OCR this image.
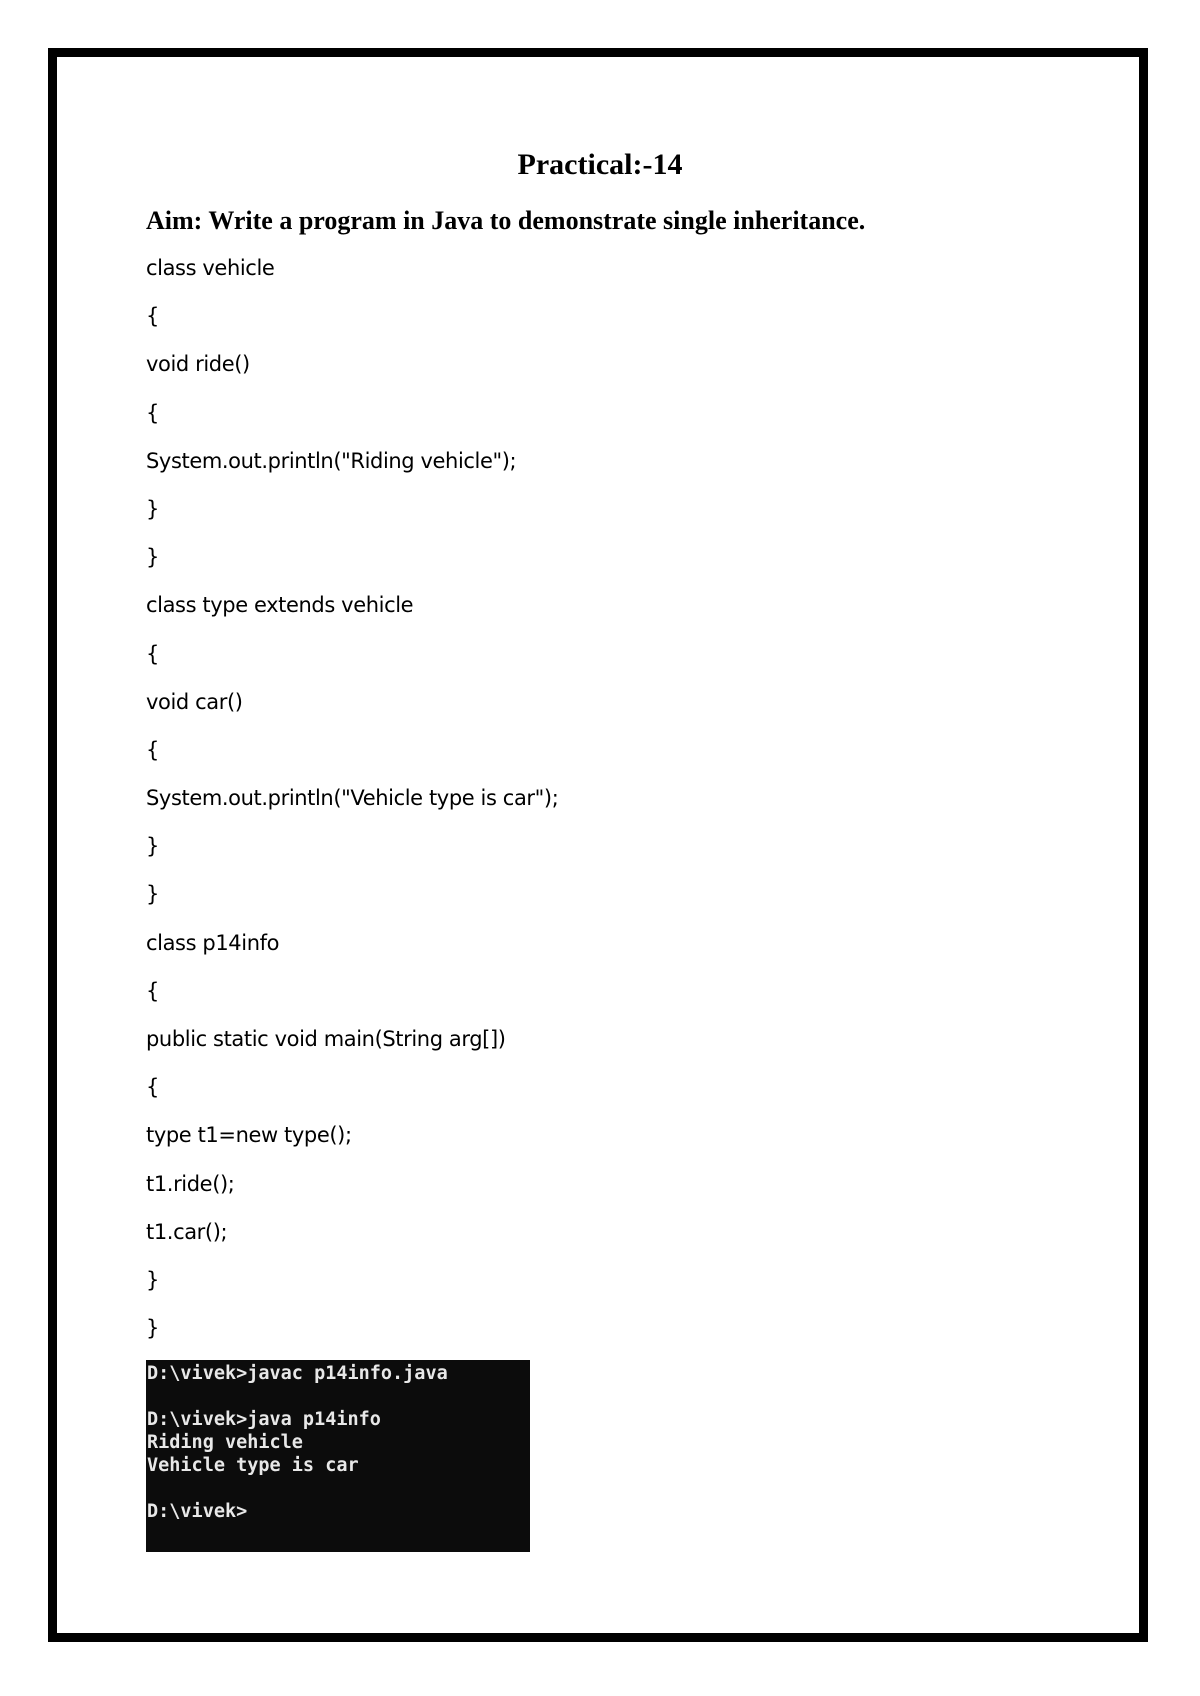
Practical:-14

Aim: Write a program in Java to demonstrate single inheritance.

class vehicle
{
void ride()
{
System.out.println("Riding vehicle");
}
}
class type extends vehicle
{
void car()
{
System.out.println("Vehicle type is car");
}
}
class p14info
{
public static void main(String arg[])
{
type t1=new type();
t1.ride();
t1.car();
}
}
D:\vivek>javac p14info.java
D:\vivek>java p14info
Riding vehicle
Vehicle type is car
D:\vivek>
